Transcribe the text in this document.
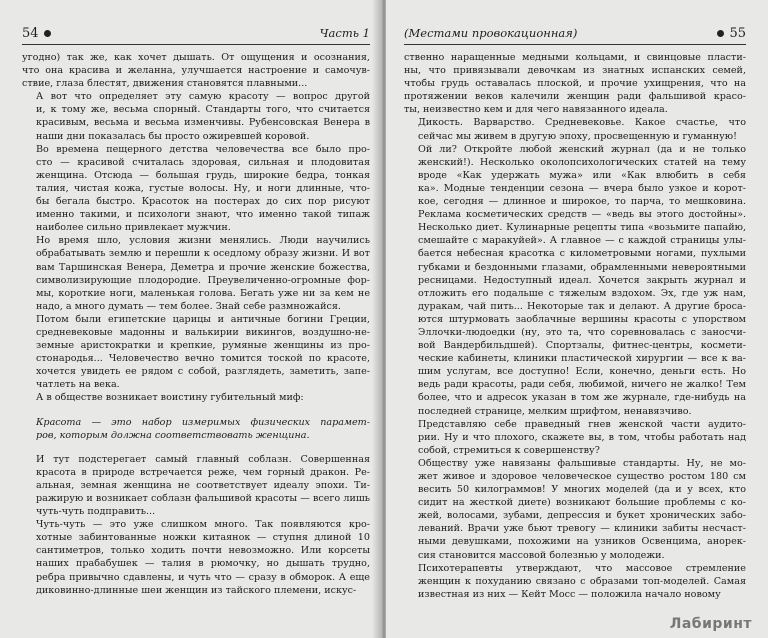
54	Часть 1

угодно) так же, как хочет дышать. От ощущения и осознания,
что она красива и желанна, улучшается настроение и самочув-
ствие, глаза блестят, движения становятся плавными...

А вот что определяет эту самую красоту — вопрос другой
и, к тому же, весьма спорный. Стандарты того, что считается
красивым, весьма и весьма изменчивы. Рубенсовская Венера в
наши дни показалась бы просто ожиревшей коровой.

Во времена пещерного детства человечества все было про-
сто — красивой считалась здоровая, сильная и плодовитая
женщина. Отсюда — большая грудь, широкие бедра, тонкая
талия, чистая кожа, густые волосы. Ну, и ноги длинные, что-
бы бегала быстро. Красоток на постерах до сих пор рисуют
именно такими, и психологи знают, что именно такой типаж
наиболее сильно привлекает мужчин.

Но время шло, условия жизни менялись. Люди научились
обрабатывать землю и перешли к оседлому образу жизни. И вот
вам Таршинская Венера, Деметра и прочие женские божества,
символизирующие плодородие. Преувеличенно-огромные фор-
мы, короткие ноги, маленькая голова. Бегать уже ни за кем не
надо, а много думать — тем более. Знай себе размножайся.

Потом были египетские царицы и античные богини Греции,
средневековые мадонны и валькирии викингов, воздушно-не-
земные аристократки и крепкие, румяные женщины из про-
стонародья... Человечество вечно томится тоской по красоте,
хочется увидеть ее рядом с собой, разглядеть, заметить, запе-
чатлеть на века.

А в обществе возникает воистину губительный миф:

Красота — это набор измеримых физических парамет-
ров, которым должна соответствовать женщина.

И тут подстерегает самый главный соблазн. Совершенная
красота в природе встречается реже, чем горный дракон. Ре-
альная, земная женщина не соответствует идеалу эпохи. Ти-
ражирую и возникает соблазн фальшивой красоты — всего лишь
чуть-чуть подправить...

Чуть-чуть — это уже слишком много. Так появляются кро-
хотные забинтованные ножки китаянок — ступня длиной 10
сантиметров, только ходить почти невозможно. Или корсеты
наших прабабушек — талия в рюмочку, но дышать трудно,
ребра привычно сдавлены, и чуть что — сразу в обморок. А еще
диковинно-длинные шеи женщин из тайского племени, искус-

(Местами провокационная)	55

ственно наращенные медными кольцами, и свинцовые пласти-
ны, что привязывали девочкам из знатных испанских семей,
чтобы грудь оставалась плоской, и прочие ухищрения, что на
протяжении веков калечили женщин ради фальшивой красо-
ты, неизвестно кем и для чего навязанного идеала.

Дикость. Варварство. Средневековье. Какое счастье, что
сейчас мы живем в другую эпоху, просвещенную и гуманную!

Ой ли? Откройте любой женский журнал (да и не только
женский!). Несколько околопсихологических статей на тему
вроде «Как удержать мужа» или «Как влюбить в себя
ка». Модные тенденции сезона — вчера было узкое и корот-
кое, сегодня — длинное и широкое, то парча, то мешковина.
Реклама косметических средств — «ведь вы этого достойны».
Несколько диет. Кулинарные рецепты типа «возьмите папайю,
смешайте с маракуйей». А главное — с каждой страницы улы-
бается небесная красотка с километровыми ногами, пухлыми
губками и бездонными глазами, обрамленными невероятными
ресницами. Недоступный идеал. Хочется закрыть журнал и
отложить его подальше с тяжелым вздохом. Эх, где уж нам,
дуракам, чай пить... Некоторые так и делают. А другие броса-
ются штурмовать заоблачные вершины красоты с упорством
Эллочки-людоедки (ну, это та, что соревновалась с заносчи-
вой Вандербильдшей). Спортзалы, фитнес-центры, космети-
ческие кабинеты, клиники пластической хирургии — все к ва-
шим услугам, все доступно! Если, конечно, деньги есть. Но
ведь ради красоты, ради себя, любимой, ничего не жалко! Тем
более, что и адресок указан в том же журнале, где-нибудь на
последней странице, мелким шрифтом, ненавязчиво.

Представляю себе праведный гнев женской части аудито-
рии. Ну и что плохого, скажете вы, в том, чтобы работать над
собой, стремиться к совершенству?

Обществу уже навязаны фальшивые стандарты. Ну, не мо-
жет живое и здоровое человеческое существо ростом 180 см
весить 50 килограммов! У многих моделей (да и у всех, кто
сидит на жесткой диете) возникают большие проблемы с ко-
жей, волосами, зубами, депрессия и букет хронических забо-
леваний. Врачи уже бьют тревогу — клиники забиты несчаст-
ными девушками, похожими на узников Освенцима, анорек-
сия становится массовой болезнью у молодежи.

Психотерапевты утверждают, что массовое стремление
женщин к похуданию связано с образами топ-моделей. Самая
известная из них — Кейт Мосс — положила начало новому

Лабиринт
